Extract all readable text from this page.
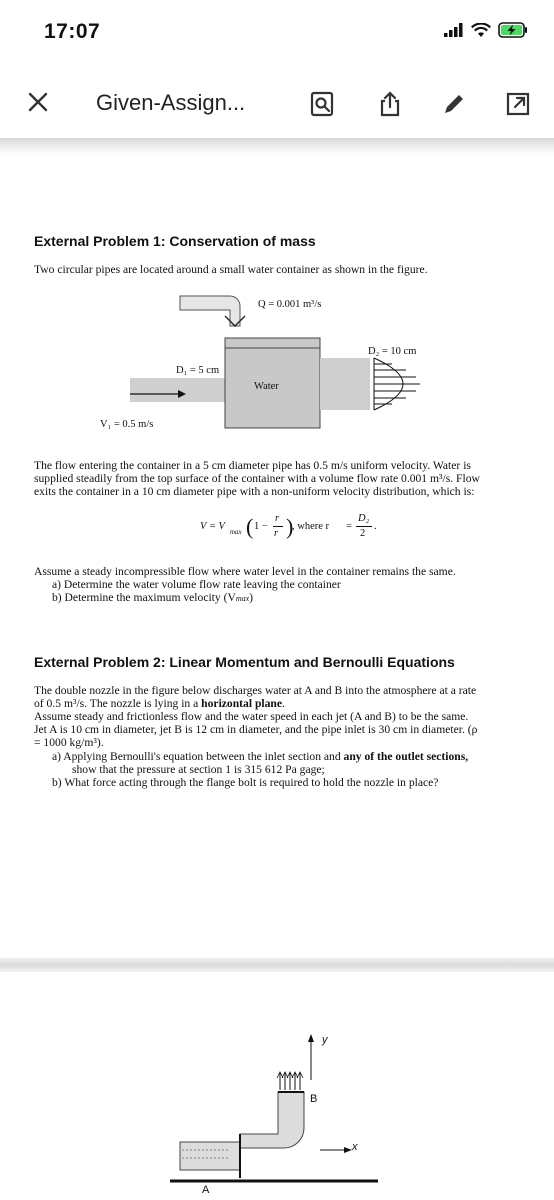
17:07
Given-Assign...
External Problem 1: Conservation of mass
Two circular pipes are located around a small water container as shown in the figure.
Q = 0.001 m³/s
D₂ = 10 cm
D₁ = 5 cm
Water
V₁ = 0.5 m/s
The flow entering the container in a 5 cm diameter pipe has 0.5 m/s uniform velocity. Water is
supplied steadily from the top surface of the container with a volume flow rate 0.001 m³/s. Flow
exits the container in a 10 cm diameter pipe with a non-uniform velocity distribution, which is:
V = V max ( 1 −
r
r )
, where r =
D₂
2
.
Assume a steady incompressible flow where water level in the container remains the same.
a) Determine the water volume flow rate leaving the container
b) Determine the maximum velocity (Vmax)
External Problem 2: Linear Momentum and Bernoulli Equations
The double nozzle in the figure below discharges water at A and B into the atmosphere at a rate
of 0.5 m³/s. The nozzle is lying in a horizontal plane.
Assume steady and frictionless flow and the water speed in each jet (A and B) to be the same.
Jet A is 10 cm in diameter, jet B is 12 cm in diameter, and the pipe inlet is 30 cm in diameter. (ρ
= 1000 kg/m³).
a) Applying Bernoulli's equation between the inlet section and any of the outlet sections,
show that the pressure at section 1 is 315 612 Pa gage;
b) What force acting through the flange bolt is required to hold the nozzle in place?
y
B
x
A
